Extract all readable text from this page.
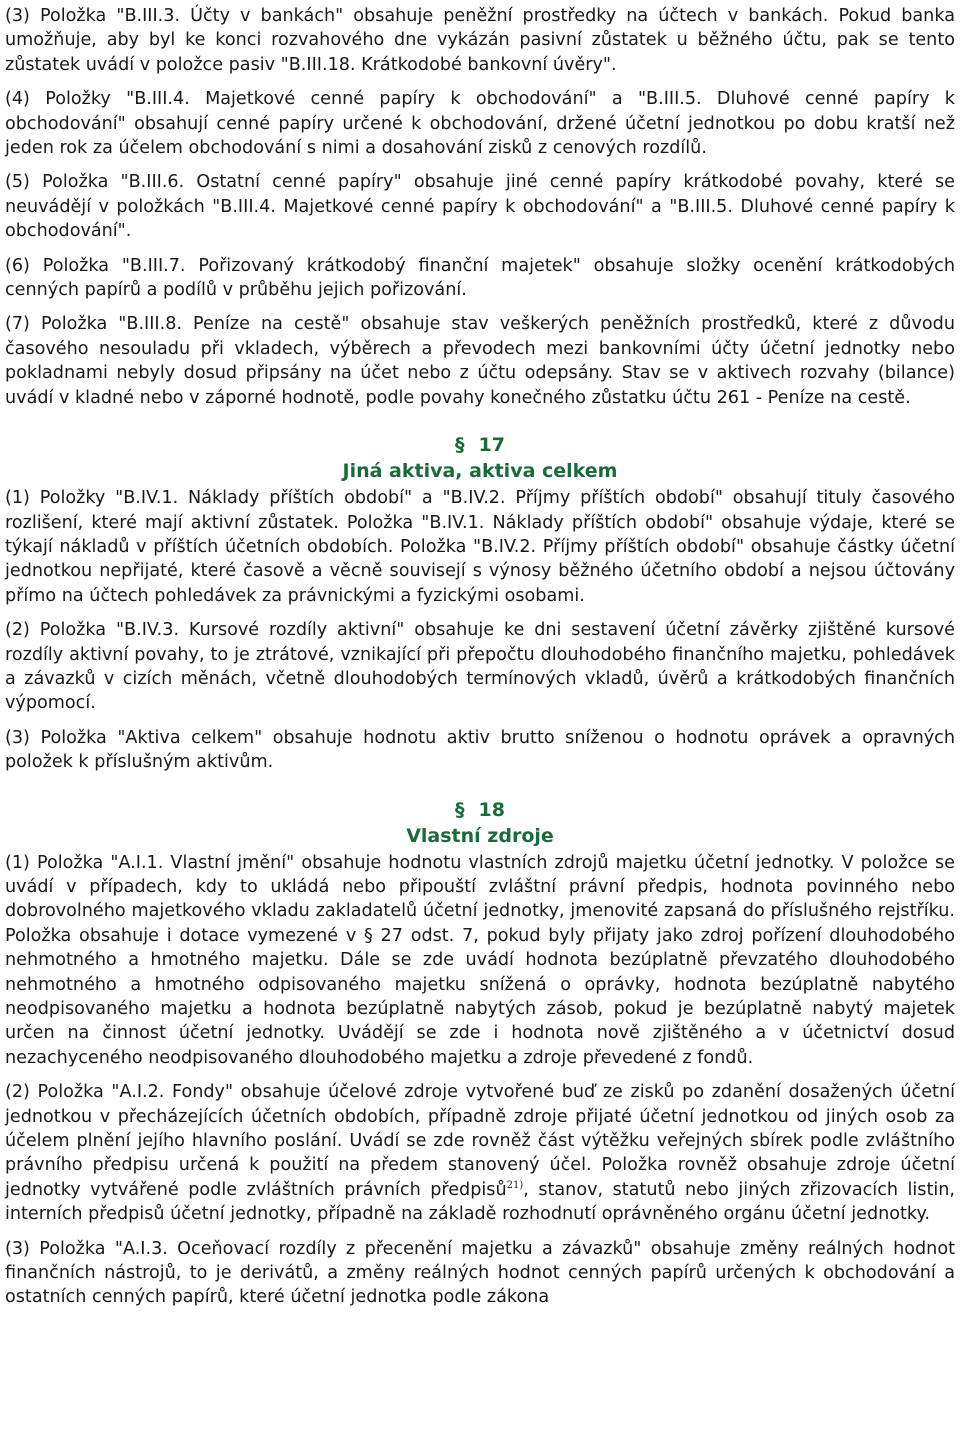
(3) Položka "B.III.3. Účty v bankách" obsahuje peněžní prostředky na účtech v bankách. Pokud banka umožňuje, aby byl ke konci rozvahového dne vykázán pasivní zůstatek u běžného účtu, pak se tento zůstatek uvádí v položce pasiv "B.III.18. Krátkodobé bankovní úvěry".

(4) Položky "B.III.4. Majetkové cenné papíry k obchodování" a "B.III.5. Dluhové cenné papíry k obchodování" obsahují cenné papíry určené k obchodování, držené účetní jednotkou po dobu kratší než jeden rok za účelem obchodování s nimi a dosahování zisků z cenových rozdílů.

(5) Položka "B.III.6. Ostatní cenné papíry" obsahuje jiné cenné papíry krátkodobé povahy, které se neuvádějí v položkách "B.III.4. Majetkové cenné papíry k obchodování" a "B.III.5. Dluhové cenné papíry k obchodování".

(6) Položka "B.III.7. Pořizovaný krátkodobý finanční majetek" obsahuje složky ocenění krátkodobých cenných papírů a podílů v průběhu jejich pořizování.

(7) Položka "B.III.8. Peníze na cestě" obsahuje stav veškerých peněžních prostředků, které z důvodu časového nesouladu při vkladech, výběrech a převodech mezi bankovními účty účetní jednotky nebo pokladnami nebyly dosud připsány na účet nebo z účtu odepsány. Stav se v aktivech rozvahy (bilance) uvádí v kladné nebo v záporné hodnotě, podle povahy konečného zůstatku účtu 261 - Peníze na cestě.

§ 17
Jiná aktiva, aktiva celkem

(1) Položky "B.IV.1. Náklady příštích období" a "B.IV.2. Příjmy příštích období" obsahují tituly časového rozlišení, které mají aktivní zůstatek. Položka "B.IV.1. Náklady příštích období" obsahuje výdaje, které se týkají nákladů v příštích účetních obdobích. Položka "B.IV.2. Příjmy příštích období" obsahuje částky účetní jednotkou nepřijaté, které časově a věcně souvisejí s výnosy běžného účetního období a nejsou účtovány přímo na účtech pohledávek za právnickými a fyzickými osobami.

(2) Položka "B.IV.3. Kursové rozdíly aktivní" obsahuje ke dni sestavení účetní závěrky zjištěné kursové rozdíly aktivní povahy, to je ztrátové, vznikající při přepočtu dlouhodobého finančního majetku, pohledávek a závazků v cizích měnách, včetně dlouhodobých termínových vkladů, úvěrů a krátkodobých finančních výpomocí.

(3) Položka "Aktiva celkem" obsahuje hodnotu aktiv brutto sníženou o hodnotu oprávek a opravných položek k příslušným aktivům.

§ 18
Vlastní zdroje

(1) Položka "A.I.1. Vlastní jmění" obsahuje hodnotu vlastních zdrojů majetku účetní jednotky. V položce se uvádí v případech, kdy to ukládá nebo připouští zvláštní právní předpis, hodnota povinného nebo dobrovolného majetkového vkladu zakladatelů účetní jednotky, jmenovité zapsaná do příslušného rejstříku. Položka obsahuje i dotace vymezené v § 27 odst. 7, pokud byly přijaty jako zdroj pořízení dlouhodobého nehmotného a hmotného majetku. Dále se zde uvádí hodnota bezúplatně převzatého dlouhodobého nehmotného a hmotného odpisovaného majetku snížená o oprávky, hodnota bezúplatně nabytého neodpisovaného majetku a hodnota bezúplatně nabytých zásob, pokud je bezúplatně nabytý majetek určen na činnost účetní jednotky. Uvádějí se zde i hodnota nově zjištěného a v účetnictví dosud nezachyceného neodpisovaného dlouhodobého majetku a zdroje převedené z fondů.

(2) Položka "A.I.2. Fondy" obsahuje účelové zdroje vytvořené buď ze zisků po zdanění dosažených účetní jednotkou v přecházejících účetních obdobích, případně zdroje přijaté účetní jednotkou od jiných osob za účelem plnění jejího hlavního poslání. Uvádí se zde rovněž část výtěžku veřejných sbírek podle zvláštního právního předpisu určená k použití na předem stanovený účel. Položka rovněž obsahuje zdroje účetní jednotky vytvářené podle zvláštních právních předpisů$^{21)}$, stanov, statutů nebo jiných zřizovacích listin, interních předpisů účetní jednotky, případně na základě rozhodnutí oprávněného orgánu účetní jednotky.

(3) Položka "A.I.3. Oceňovací rozdíly z přecenění majetku a závazků" obsahuje změny reálných hodnot finančních nástrojů, to je derivátů, a změny reálných hodnot cenných papírů určených k obchodování a ostatních cenných papírů, které účetní jednotka podle zákona
